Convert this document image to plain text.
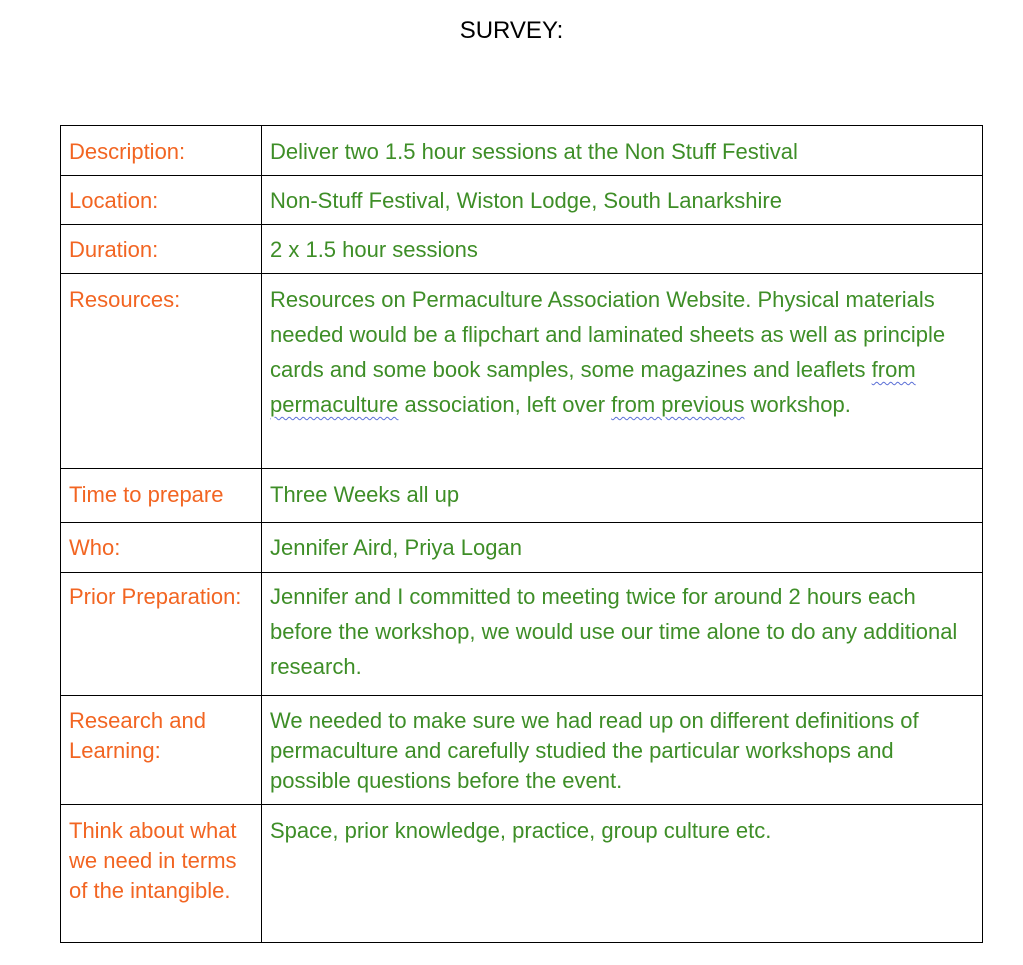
SURVEY:
Description:	Deliver two 1.5 hour sessions at the Non Stuff Festival
Location:	Non-Stuff Festival, Wiston Lodge, South Lanarkshire
Duration:	2 x 1.5 hour sessions
Resources:	Resources on Permaculture Association Website. Physical materials needed would be a flipchart and laminated sheets as well as principle cards and some book samples, some magazines and leaflets from permaculture association, left over from previous workshop.
Time to prepare	Three Weeks all up
Who:	Jennifer Aird, Priya Logan
Prior Preparation:	Jennifer and I committed to meeting twice for around 2 hours each before the workshop, we would use our time alone to do any additional research.
Research and Learning:	We needed to make sure we had read up on different definitions of permaculture and carefully studied the particular workshops and possible questions before the event.
Think about what we need in terms of the intangible.	Space, prior knowledge, practice, group culture etc.
